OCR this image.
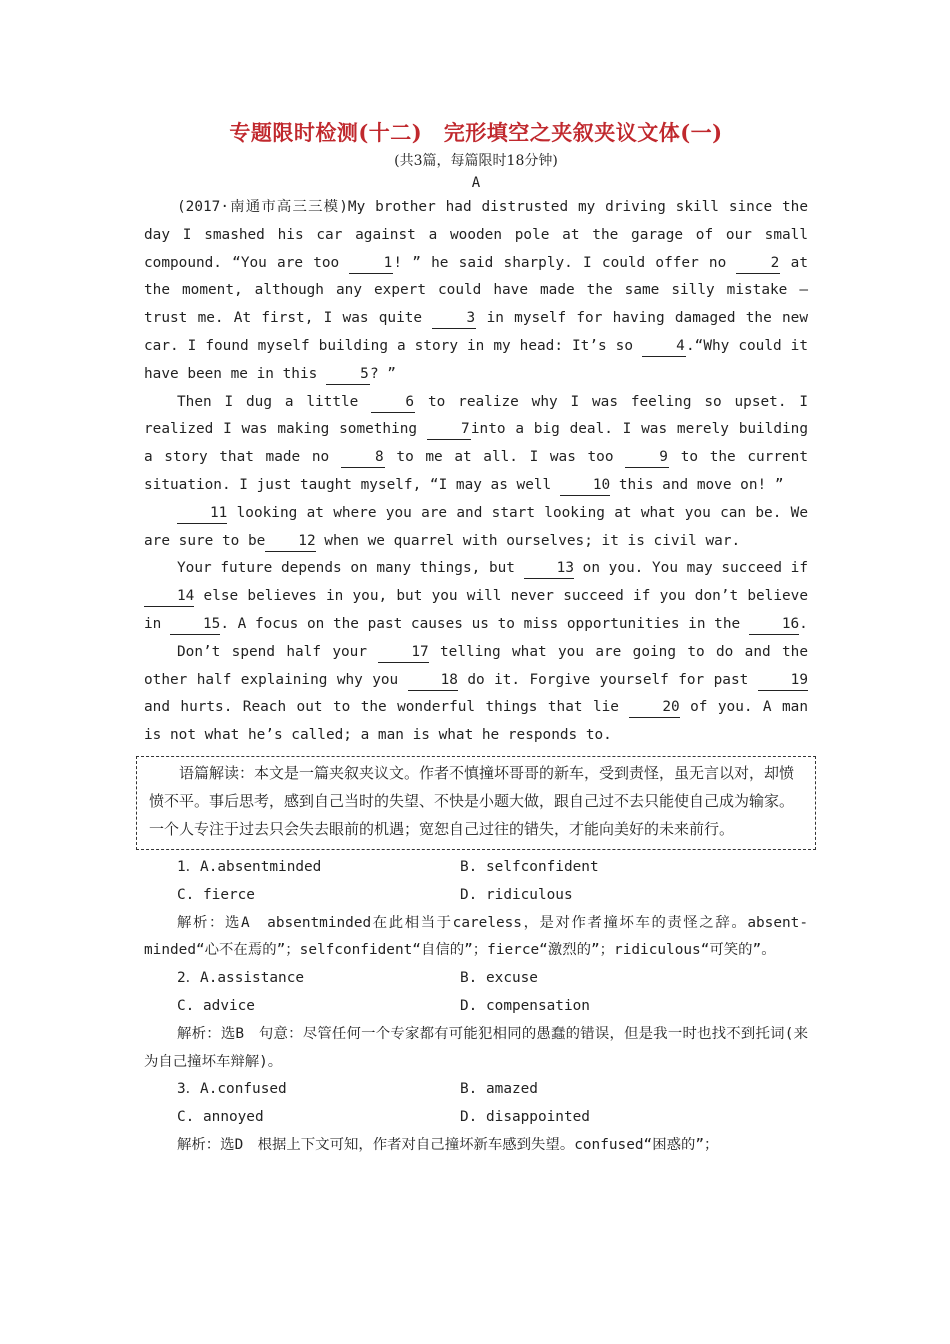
专题限时检测(十二)　完形填空之夹叙夹议文体(一)
(共3篇，每篇限时18分钟)
A

(2017·南通市高三三模)My brother had distrusted my driving skill since the day I smashed his car against a wooden pole at the garage of our small compound. “You are too 1! ” he said sharply. I could offer no 2 at the moment, although any expert could have made the same silly mistake — trust me. At first, I was quite 3 in myself for having damaged the new car. I found myself building a story in my head: It’s so 4.“Why could it have been me in this 5? ”

Then I dug a little 6 to realize why I was feeling so upset. I realized I was making something 7into a big deal. I was merely building a story that made no 8 to me at all. I was too 9 to the current situation. I just taught myself, “I may as well 10 this and move on! ”

11 looking at where you are and start looking at what you can be. We are sure to be 12 when we quarrel with ourselves; it is civil war.

Your future depends on many things, but 13 on you. You may succeed if 14 else believes in you, but you will never succeed if you don’t believe in 15. A focus on the past causes us to miss opportunities in the 16.

Don’t spend half your 17 telling what you are going to do and the other half explaining why you 18 do it. Forgive yourself for past 19 and hurts. Reach out to the wonderful things that lie 20 of you. A man is not what he’s called; a man is what he responds to.

语篇解读：本文是一篇夹叙夹议文。作者不慎撞坏哥哥的新车，受到责怪，虽无言以对，却愤愤不平。事后思考，感到自己当时的失望、不快是小题大做，跟自己过不去只能使自己成为输家。一个人专注于过去只会失去眼前的机遇；宽恕自己过往的错失，才能向美好的未来前行。
1．A.absentminded	B. selfconfident
C. fierce	D. ridiculous

解析：选A　absentminded在此相当于careless，是对作者撞坏车的责怪之辞。absent-minded“心不在焉的”；selfconfident“自信的”；fierce“激烈的”；ridiculous“可笑的”。

2．A.assistance	B. excuse
C. advice	D. compensation

解析：选B　句意：尽管任何一个专家都有可能犯相同的愚蠢的错误，但是我一时也找不到托词(来为自己撞坏车辩解)。

3．A.confused	B. amazed
C. annoyed	D. disappointed

解析：选D　根据上下文可知，作者对自己撞坏新车感到失望。confused“困惑的”；
